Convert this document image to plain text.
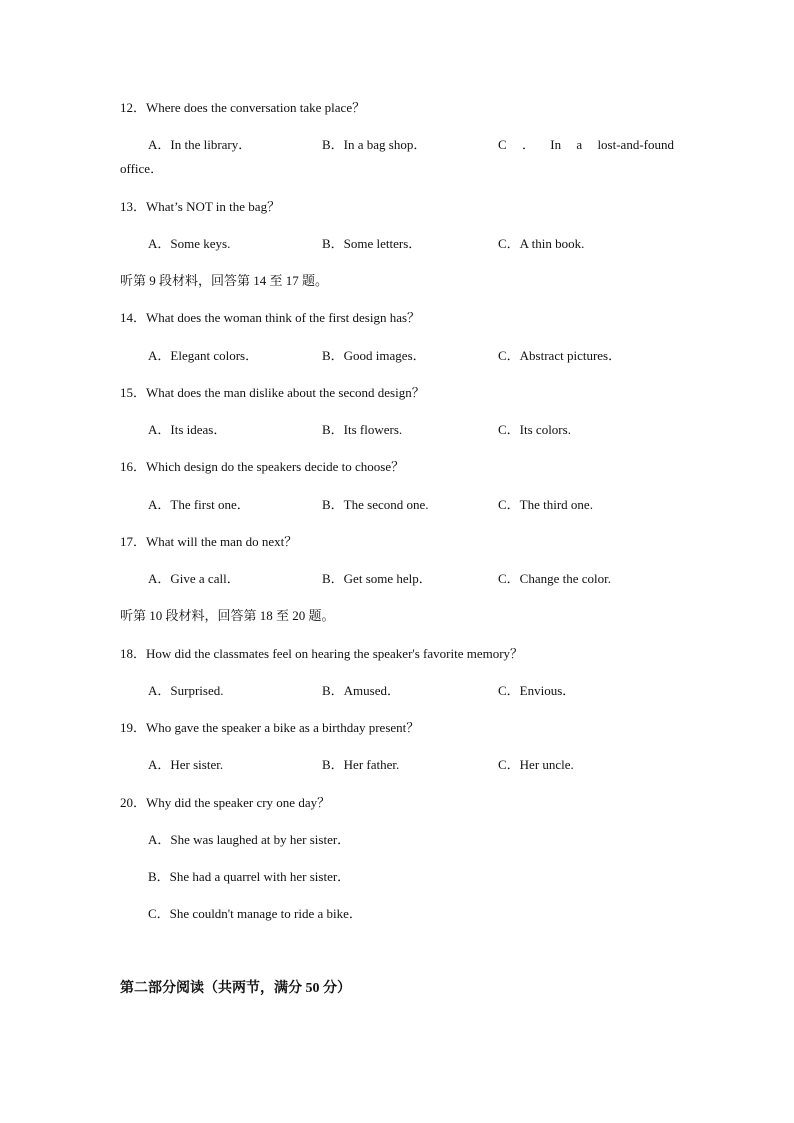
12．Where does the conversation take place？
A．In the library．	B．In a bag shop．	C ． In a lost-and-found
office．
13．What’s NOT in the bag？
A．Some keys.	B．Some letters．	C．A thin book.
听第 9 段材料，回答第 14 至 17 题。
14．What does the woman think of the first design has？
A．Elegant colors．	B．Good images．	C．Abstract pictures．
15．What does the man dislike about the second design？
A．Its ideas．	B．Its flowers.	C．Its colors.
16．Which design do the speakers decide to choose？
A．The first one．	B．The second one.	C．The third one.
17．What will the man do next？
A．Give a call．	B．Get some help．	C．Change the color.
听第 10 段材料，回答第 18 至 20 题。
18．How did the classmates feel on hearing the speaker's favorite memory？
A．Surprised.	B．Amused．	C．Envious．
19．Who gave the speaker a bike as a birthday present？
A．Her sister.	B．Her father.	C．Her uncle.
20．Why did the speaker cry one day？
A．She was laughed at by her sister．
B．She had a quarrel with her sister．
C．She couldn't manage to ride a bike．
第二部分阅读（共两节，满分 50 分）
